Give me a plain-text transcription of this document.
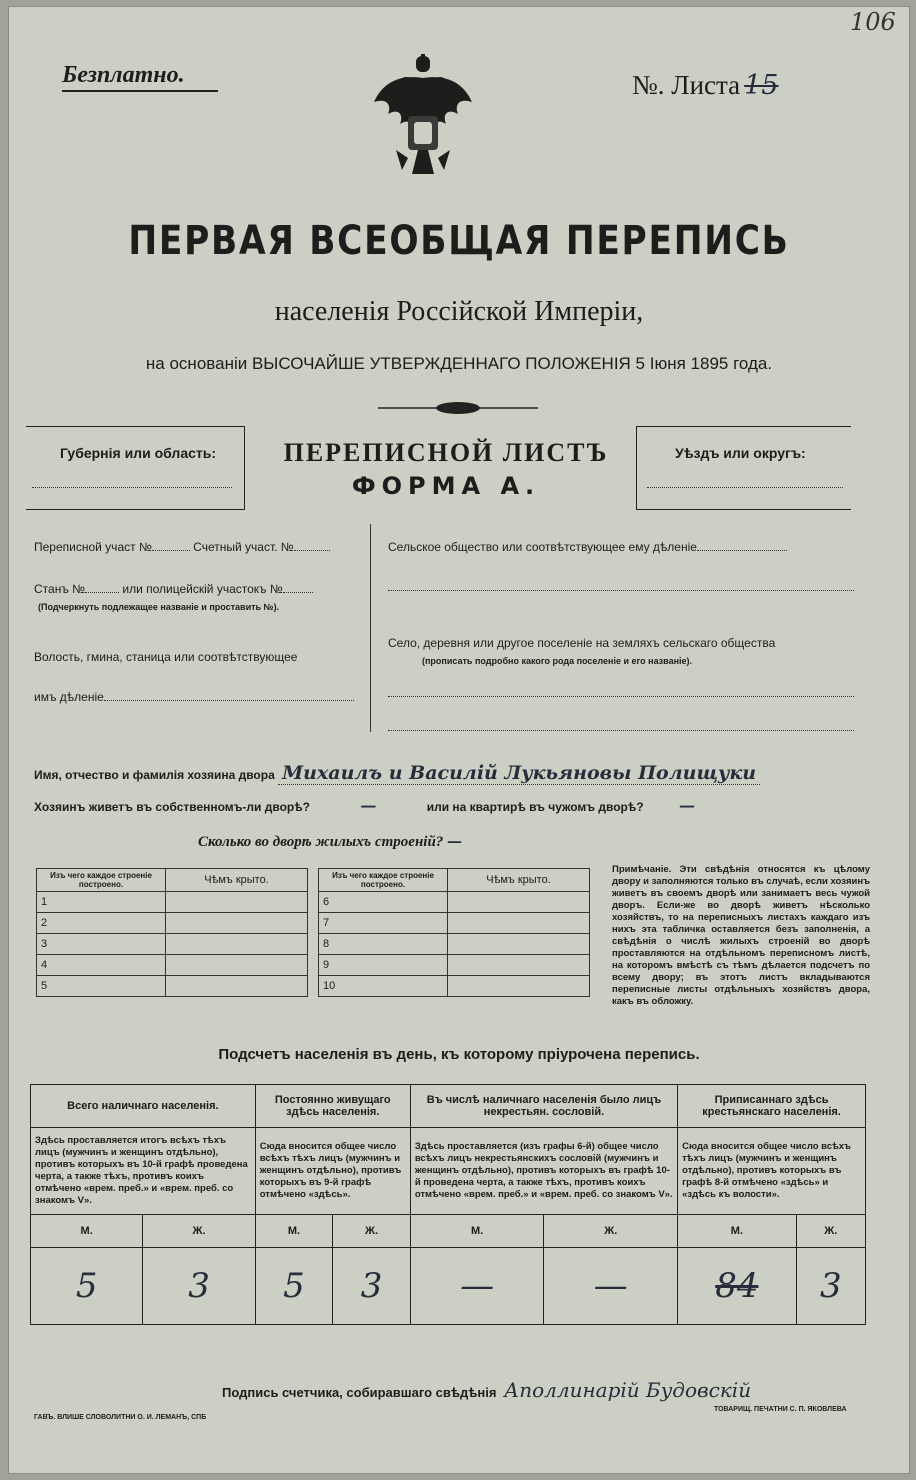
Безплатно.	№. Листа 15
106
ПЕРВАЯ ВСЕОБЩАЯ ПЕРЕПИСЬ
населенія Россійской Имперіи,
на основаніи ВЫСОЧАЙШЕ УТВЕРЖДЕННАГО ПОЛОЖЕНІЯ 5 Іюня 1895 года.
Губернія или область:	ПЕРЕПИСНОЙ ЛИСТЪ
ФОРМА А.
Уѣздъ или округъ:
Переписной участ №	Счетный участ. №
Станъ №	или полицейскій участокъ №
(Подчеркнуть подлежащее названіе и проставить №).
Волость, гмина, станица или соотвѣтствующее
имъ дѣленіе
Сельское общество или соотвѣтствующее ему дѣленіе
Село, деревня или другое поселеніе на земляхъ сельскаго общества
(прописать подробно какого рода поселеніе и его названіе).
Имя, отчество и фамилія хозяина двора Михаилъ и Василій Лукьяновы Полищуки
Хозяинъ живетъ въ собственномъ-ли дворѣ?	—	или на квартирѣ въ чужомъ дворѣ? —
Сколько во дворѣ жилыхъ строеній? —
Изъ чего каждое строеніе построено.	Чѣмъ крыто.
1	
2	
3	
4	
5	
Изъ чего каждое строеніе построено.	Чѣмъ крыто.
6	
7	
8	
9	
10	
Примѣчаніе. Эти свѣдѣнія относятся къ цѣлому двору и заполняются только въ случаѣ, если хозяинъ живетъ въ своемъ дворѣ или занимаетъ весь чужой дворъ. Если-же во дворѣ живетъ нѣсколько хозяйствъ, то на переписныхъ листахъ каждаго изъ нихъ эта табличка оставляется безъ заполненія, а свѣдѣнія о числѣ жилыхъ строеній во дворѣ проставляются на отдѣльномъ переписномъ листѣ, на которомъ вмѣстѣ съ тѣмъ дѣлается подсчетъ по всему двору; въ этотъ листъ вкладываются переписные листы отдѣльныхъ хозяйствъ двора, какъ въ обложку.
Подсчетъ населенія въ день, къ которому пріурочена перепись.
Всего наличнаго населенія.		Постоянно живущаго здѣсь населенія.		Въ числѣ наличнаго населенія было лицъ некрестьян. сословій.		Приписаннаго здѣсь крестьянскаго населенія.	
Здѣсь проставляется итогъ всѣхъ тѣхъ лицъ (мужчинъ и женщинъ отдѣльно), противъ которыхъ въ 10-й графѣ проведена черта, а также тѣхъ, противъ коихъ отмѣчено «врем. преб.» и «врем. преб. со знакомъ V».		Сюда вносится общее число всѣхъ тѣхъ лицъ (мужчинъ и женщинъ отдѣльно), противъ которыхъ въ 9-й графѣ отмѣчено «здѣсь».		Здѣсь проставляется (изъ графы 6-й) общее число всѣхъ лицъ некрестьянскихъ сословій (мужчинъ и женщинъ отдѣльно), противъ которыхъ въ графѣ 10-й проведена черта, а также тѣхъ, противъ коихъ отмѣчено «врем. преб.» и «врем. преб. со знакомъ V».		Сюда вносится общее число всѣхъ тѣхъ лицъ (мужчинъ и женщинъ отдѣльно), противъ которыхъ въ графѣ 8-й отмѣчено «здѣсь» и «здѣсь къ волости».	
М.	Ж.	М.	Ж.	М.	Ж.	М.	Ж.
5	3	5	3	—	—	84	3
Подпись счетчика, собиравшаго свѣдѣнія Аполлинарій Будовскій
ГАВЪ. ВЛИШЕ СЛОВОЛИТНИ О. И. ЛЕМАНЪ, СПБ
ТОВАРИЩ. ПЕЧАТНИ С. П. ЯКОВЛЕВА
